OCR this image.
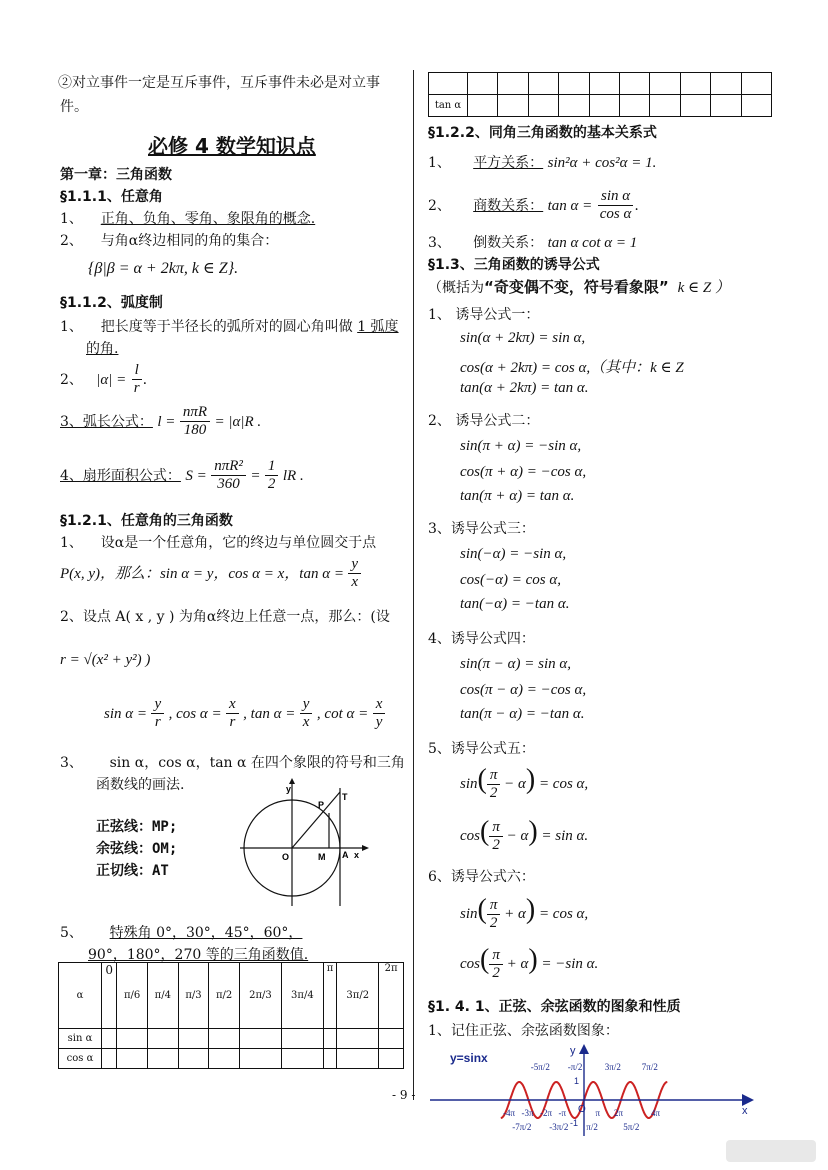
②对立事件一定是互斥事件，互斥事件未必是对立事
件。
必修 4 数学知识点
第一章：三角函数
§1.1.1、任意角
1、 正角、负角、零角、象限角的概念.
2、 与角α终边相同的角的集合：
{β|β = α + 2kπ, k ∈ Z}.
§1.1.2、弧度制
1、 把长度等于半径长的弧所对的圆心角叫做 1 弧度
的角.
2、 $|\alpha| = \frac{l}{r}$ .
3、弧长公式： $l = \frac{\text{nπR}}{180} = |\alpha|R$ .
4、扇形面积公式： $S = \frac{\text{nπR²}}{360} = \frac{1}{2}$ lR .
§1.2.1、任意角的三角函数
1、 设α是一个任意角，它的终边与单位圆交于点
P(x, y)，那么：sin α = y，cos α = x，$\tan \alpha = \frac{y}{x}$
2、设点 A( x , y ) 为角α终边上任意一点，那么：(设
r = √(x² + y²) )
$\sin \alpha = \frac{y}{r}$ , $\cos \alpha = \frac{x}{r}$ , $\tan \alpha = \frac{y}{x}$ , $\cot \alpha = \frac{x}{y}$
3、 sin α，cos α，tan α 在四个象限的符号和三角
函数线的画法.
正弦线：MP;
余弦线：OM;
正切线：AT
y
P
T
O	M A x
5、 特殊角 0°，30°，45°，60°，
90°，180°，270 等的三角函数值.
α	0	π/6	π/4	π/3	π/2	2π/3	3π/4	π	3π/2	2π
sin α										
cos α										

tan α										
§1.2.2、同角三角函数的基本关系式
1、 平方关系： sin²α + cos²α = 1.
2、 商数关系： $\tan \alpha = \frac{\text{sin α}}{\text{cos α}}$ .
3、 倒数关系： tan α cot α = 1
§1.3、三角函数的诱导公式
（概括为“奇变偶不变，符号看象限” k ∈ Z ）
1、 诱导公式一：
sin(α + 2kπ) = sin α,
cos(α + 2kπ) = cos α,（其中：k ∈ Z
tan(α + 2kπ) = tan α.
2、 诱导公式二：
sin(π + α) = −sin α,
cos(π + α) = −cos α,
tan(π + α) = tan α.
3、诱导公式三：
sin(−α) = −sin α,
cos(−α) = cos α,
tan(−α) = −tan α.
4、诱导公式四：
sin(π − α) = sin α,
cos(π − α) = −cos α,
tan(π − α) = −tan α.
5、诱导公式五：
$\sin( \frac{\pi}{2} - \alpha) = \cos \alpha$,
$\cos( \frac{\pi}{2} - \alpha) = \sin \alpha$.
6、诱导公式六：
$\sin( \frac{\pi}{2} + \alpha) = \cos \alpha$,
$\cos( \frac{\pi}{2} + \alpha) = -\sin$ α.
§1. 4. 1、正弦、余弦函数的图象和性质
1、记住正弦、余弦函数图象：
y=sinx	y
x
O
1
-1
-5π/2 -π/2 3π/2 7π/2
-4π -3π -2π -π	π 2π	4π
-7π/2 -3π/2 π/2	5π/2
- 9 -
